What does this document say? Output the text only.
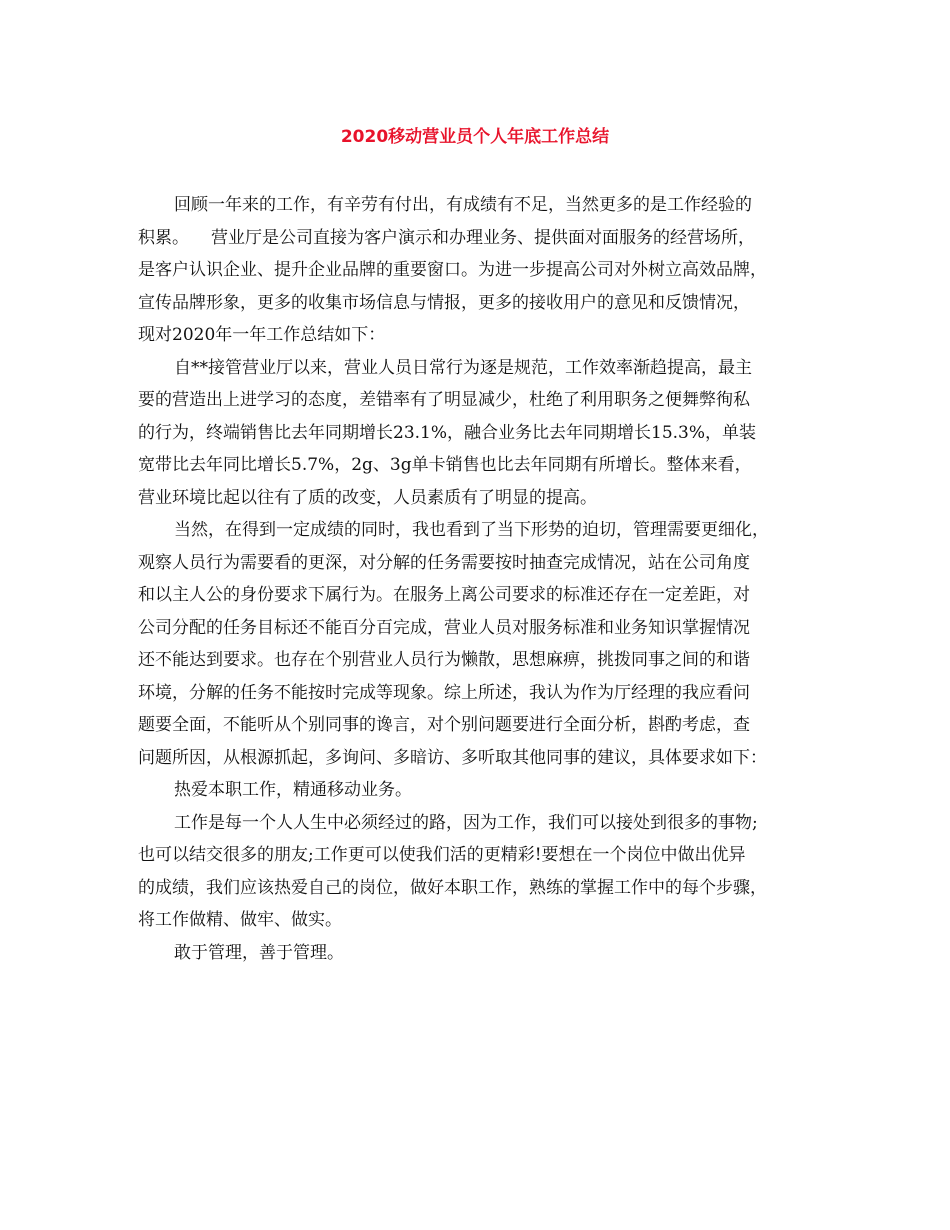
2020移动营业员个人年底工作总结
回顾一年来的工作，有辛劳有付出，有成绩有不足，当然更多的是工作经验的
积累。 营业厅是公司直接为客户演示和办理业务、提供面对面服务的经营场所，
是客户认识企业、提升企业品牌的重要窗口。为进一步提高公司对外树立高效品牌，
宣传品牌形象，更多的收集市场信息与情报，更多的接收用户的意见和反馈情况，
现对2020年一年工作总结如下：
自**接管营业厅以来，营业人员日常行为逐是规范，工作效率渐趋提高，最主
要的营造出上进学习的态度，差错率有了明显减少，杜绝了利用职务之便舞弊徇私
的行为，终端销售比去年同期增长23.1%，融合业务比去年同期增长15.3%，单装
宽带比去年同比增长5.7%，2g、3g单卡销售也比去年同期有所增长。整体来看，
营业环境比起以往有了质的改变，人员素质有了明显的提高。
当然，在得到一定成绩的同时，我也看到了当下形势的迫切，管理需要更细化，
观察人员行为需要看的更深，对分解的任务需要按时抽查完成情况，站在公司角度
和以主人公的身份要求下属行为。在服务上离公司要求的标准还存在一定差距，对
公司分配的任务目标还不能百分百完成，营业人员对服务标准和业务知识掌握情况
还不能达到要求。也存在个别营业人员行为懒散，思想麻痹，挑拨同事之间的和谐
环境，分解的任务不能按时完成等现象。综上所述，我认为作为厅经理的我应看问
题要全面，不能听从个别同事的谗言，对个别问题要进行全面分析，斟酌考虑，查
问题所因，从根源抓起，多询问、多暗访、多听取其他同事的建议，具体要求如下：
热爱本职工作，精通移动业务。
工作是每一个人人生中必须经过的路，因为工作，我们可以接处到很多的事物;
也可以结交很多的朋友;工作更可以使我们活的更精彩!要想在一个岗位中做出优异
的成绩，我们应该热爱自己的岗位，做好本职工作，熟练的掌握工作中的每个步骤，
将工作做精、做牢、做实。
敢于管理，善于管理。
